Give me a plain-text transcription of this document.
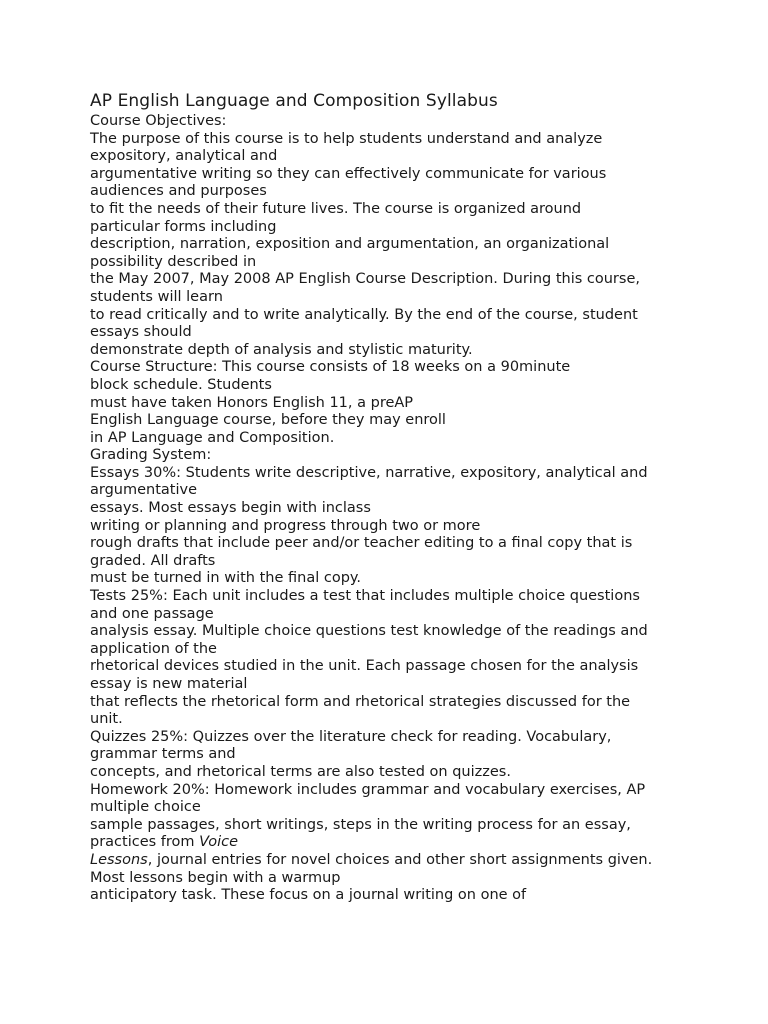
AP English Language and Composition Syllabus
Course Objectives:
The purpose of this course is to help students understand and analyze
expository, analytical and
argumentative writing so they can effectively communicate for various
audiences and purposes
to fit the needs of their future lives. The course is organized around
particular forms including
description, narration, exposition and argumentation, an organizational
possibility described in
the May 2007, May 2008 AP English Course Description. During this course,
students will learn
to read critically and to write analytically. By the end of the course, student
essays should
demonstrate depth of analysis and stylistic maturity.
Course Structure: This course consists of 18 weeks on a 90minute
block schedule. Students
must have taken Honors English 11, a preAP
English Language course, before they may enroll
in AP Language and Composition.
Grading System:
Essays 30%: Students write descriptive, narrative, expository, analytical and
argumentative
essays. Most essays begin with inclass
writing or planning and progress through two or more
rough drafts that include peer and/or teacher editing to a final copy that is
graded. All drafts
must be turned in with the final copy.
Tests 25%: Each unit includes a test that includes multiple choice questions
and one passage
analysis essay. Multiple choice questions test knowledge of the readings and
application of the
rhetorical devices studied in the unit. Each passage chosen for the analysis
essay is new material
that reflects the rhetorical form and rhetorical strategies discussed for the
unit.
Quizzes 25%: Quizzes over the literature check for reading. Vocabulary,
grammar terms and
concepts, and rhetorical terms are also tested on quizzes.
Homework 20%: Homework includes grammar and vocabulary exercises, AP
multiple choice
sample passages, short writings, steps in the writing process for an essay,
practices from Voice
Lessons, journal entries for novel choices and other short assignments given.
Most lessons begin with a warmup
anticipatory task. These focus on a journal writing on one of
